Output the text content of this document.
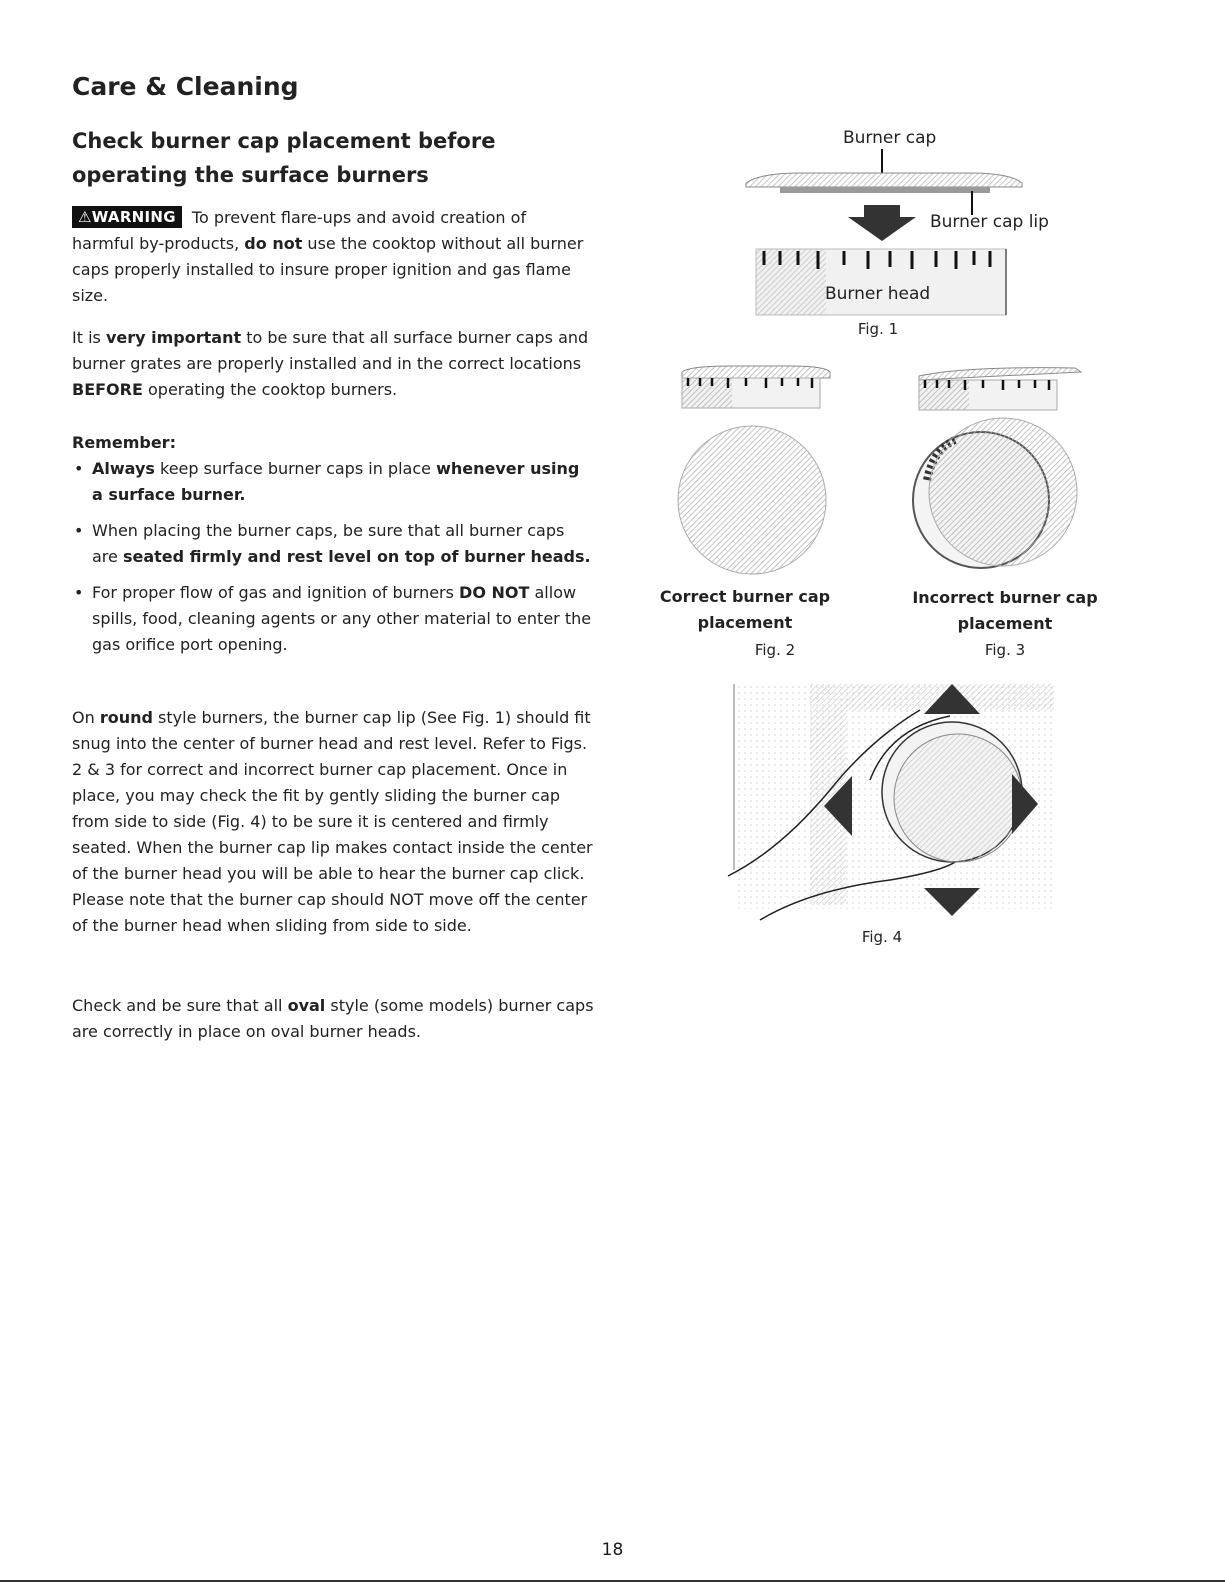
Care & Cleaning
Check burner cap placement before operating the surface burners
⚠WARNING To prevent flare-ups and avoid creation of harmful by-products, do not use the cooktop without all burner caps properly installed to insure proper ignition and gas flame size.
It is very important to be sure that all surface burner caps and burner grates are properly installed and in the correct locations BEFORE operating the cooktop burners.
Remember:
• Always keep surface burner caps in place whenever using a surface burner.
• When placing the burner caps, be sure that all burner caps are seated firmly and rest level on top of burner heads.
• For proper flow of gas and ignition of burners DO NOT allow spills, food, cleaning agents or any other material to enter the gas orifice port opening.
On round style burners, the burner cap lip (See Fig. 1) should fit snug into the center of burner head and rest level. Refer to Figs. 2 & 3 for correct and incorrect burner cap placement. Once in place, you may check the fit by gently sliding the burner cap from side to side (Fig. 4) to be sure it is centered and firmly seated. When the burner cap lip makes contact inside the center of the burner head you will be able to hear the burner cap click. Please note that the burner cap should NOT move off the center of the burner head when sliding from side to side.
Check and be sure that all oval style (some models) burner caps are correctly in place on oval burner heads.
Burner cap
Burner cap lip
Burner head
Fig. 1
Correct burner cap placement
Fig. 2
Incorrect burner cap placement
Fig. 3
Fig. 4
18
